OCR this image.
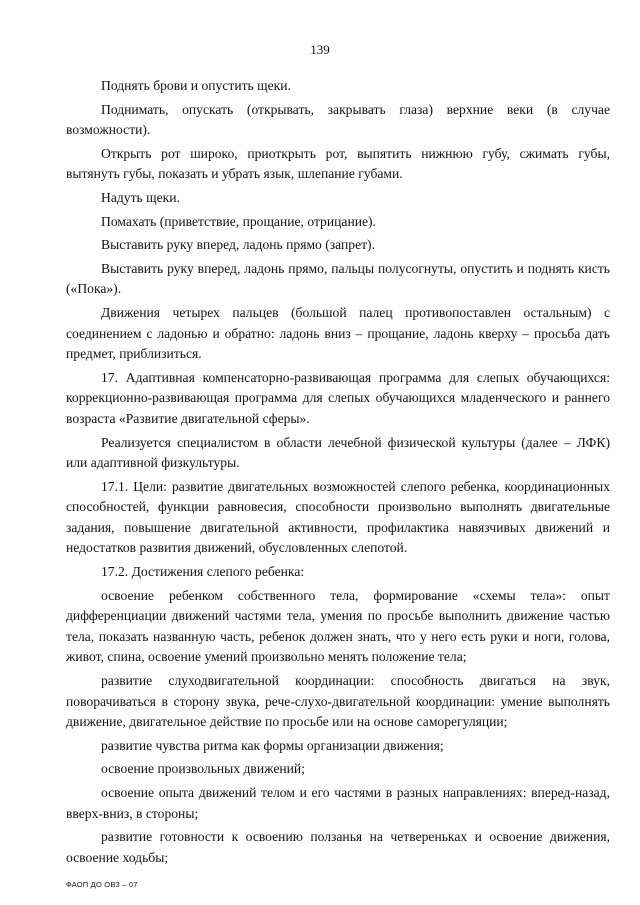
139

Поднять брови и опустить щеки.

Поднимать, опускать (открывать, закрывать глаза) верхние веки (в случае возможности).

Открыть рот широко, приоткрыть рот, выпятить нижнюю губу, сжимать губы, вытянуть губы, показать и убрать язык, шлепание губами.

Надуть щеки.

Помахать (приветствие, прощание, отрицание).

Выставить руку вперед, ладонь прямо (запрет).

Выставить руку вперед, ладонь прямо, пальцы полусогнуты, опустить и поднять кисть («Пока»).

Движения четырех пальцев (большой палец противопоставлен остальным) с соединением с ладонью и обратно: ладонь вниз – прощание, ладонь кверху – просьба дать предмет, приблизиться.

17. Адаптивная компенсаторно-развивающая программа для слепых обучающихся: коррекционно-развивающая программа для слепых обучающихся младенческого и раннего возраста «Развитие двигательной сферы».

Реализуется специалистом в области лечебной физической культуры (далее – ЛФК) или адаптивной физкультуры.

17.1. Цели: развитие двигательных возможностей слепого ребенка, координационных способностей, функции равновесия, способности произвольно выполнять двигательные задания, повышение двигательной активности, профилактика навязчивых движений и недостатков развития движений, обусловленных слепотой.

17.2. Достижения слепого ребенка:

освоение ребенком собственного тела, формирование «схемы тела»: опыт дифференциации движений частями тела, умения по просьбе выполнить движение частью тела, показать названную часть, ребенок должен знать, что у него есть руки и ноги, голова, живот, спина, освоение умений произвольно менять положение тела;

развитие слуходвигательной координации: способность двигаться на звук, поворачиваться в сторону звука, рече-слухо-двигательной координации: умение выполнять движение, двигательное действие по просьбе или на основе саморегуляции;

развитие чувства ритма как формы организации движения;

освоение произвольных движений;

освоение опыта движений телом и его частями в разных направлениях: вперед-назад, вверх-вниз, в стороны;

развитие готовности к освоению ползанья на четвереньках и освоение движения, освоение ходьбы;

ФАОП ДО ОВЗ – 07
